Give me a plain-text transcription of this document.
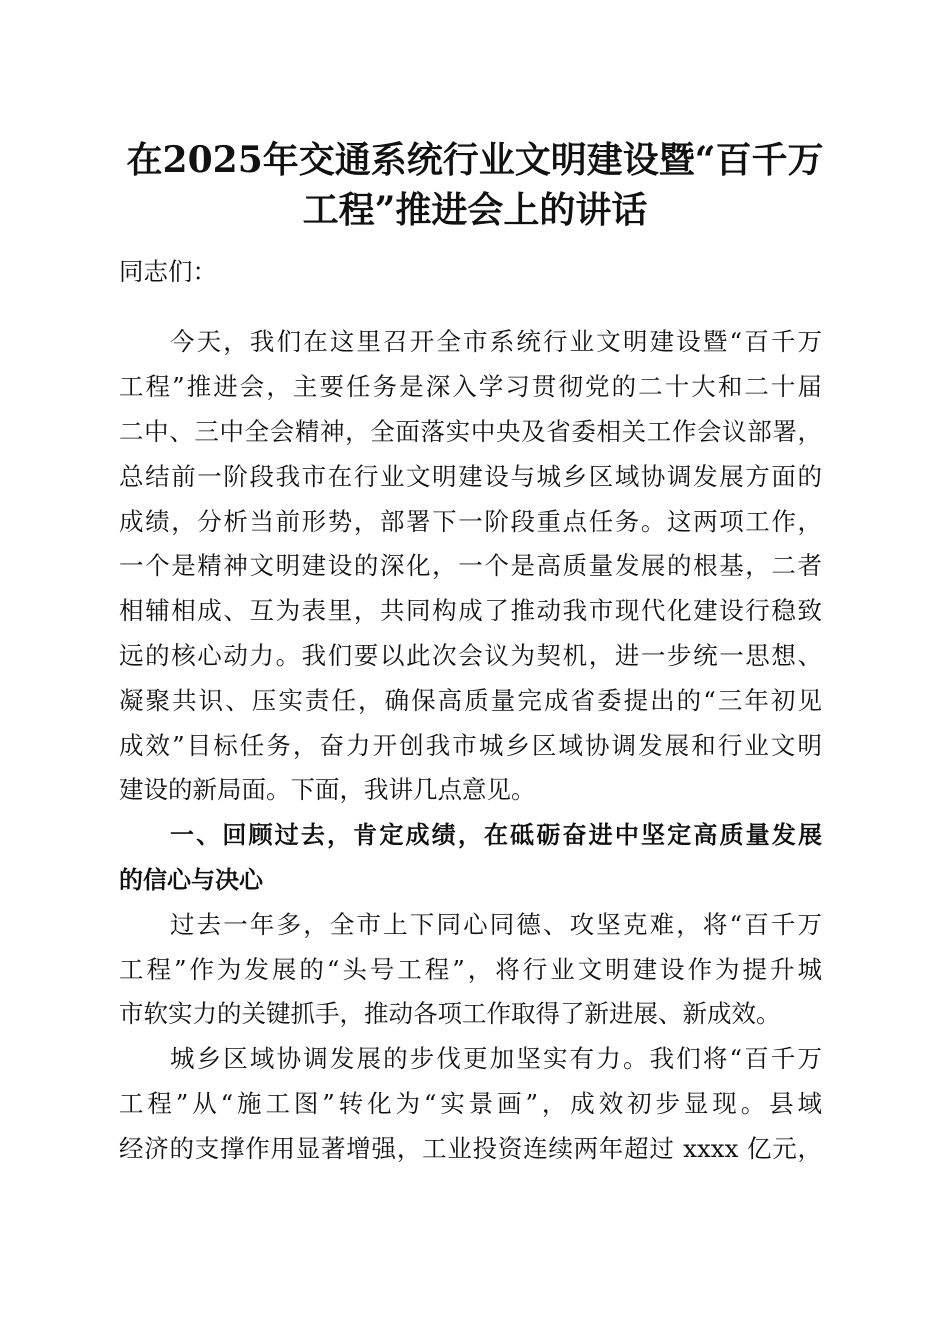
在2025年交通系统行业文明建设暨“百千万
工程”推进会上的讲话
同志们：
今天，我们在这里召开全市系统行业文明建设暨“百千万
工程”推进会，主要任务是深入学习贯彻党的二十大和二十届
二中、三中全会精神，全面落实中央及省委相关工作会议部署，
总结前一阶段我市在行业文明建设与城乡区域协调发展方面的
成绩，分析当前形势，部署下一阶段重点任务。这两项工作，
一个是精神文明建设的深化，一个是高质量发展的根基，二者
相辅相成、互为表里，共同构成了推动我市现代化建设行稳致
远的核心动力。我们要以此次会议为契机，进一步统一思想、
凝聚共识、压实责任，确保高质量完成省委提出的“三年初见
成效”目标任务，奋力开创我市城乡区域协调发展和行业文明
建设的新局面。下面，我讲几点意见。
一、回顾过去，肯定成绩，在砥砺奋进中坚定高质量发展
的信心与决心
过去一年多，全市上下同心同德、攻坚克难，将“百千万
工程”作为发展的“头号工程”，将行业文明建设作为提升城
市软实力的关键抓手，推动各项工作取得了新进展、新成效。
城乡区域协调发展的步伐更加坚实有力。我们将“百千万
工程”从“施工图”转化为“实景画”，成效初步显现。县域
经济的支撑作用显著增强，工业投资连续两年超过 xxxx 亿元，
